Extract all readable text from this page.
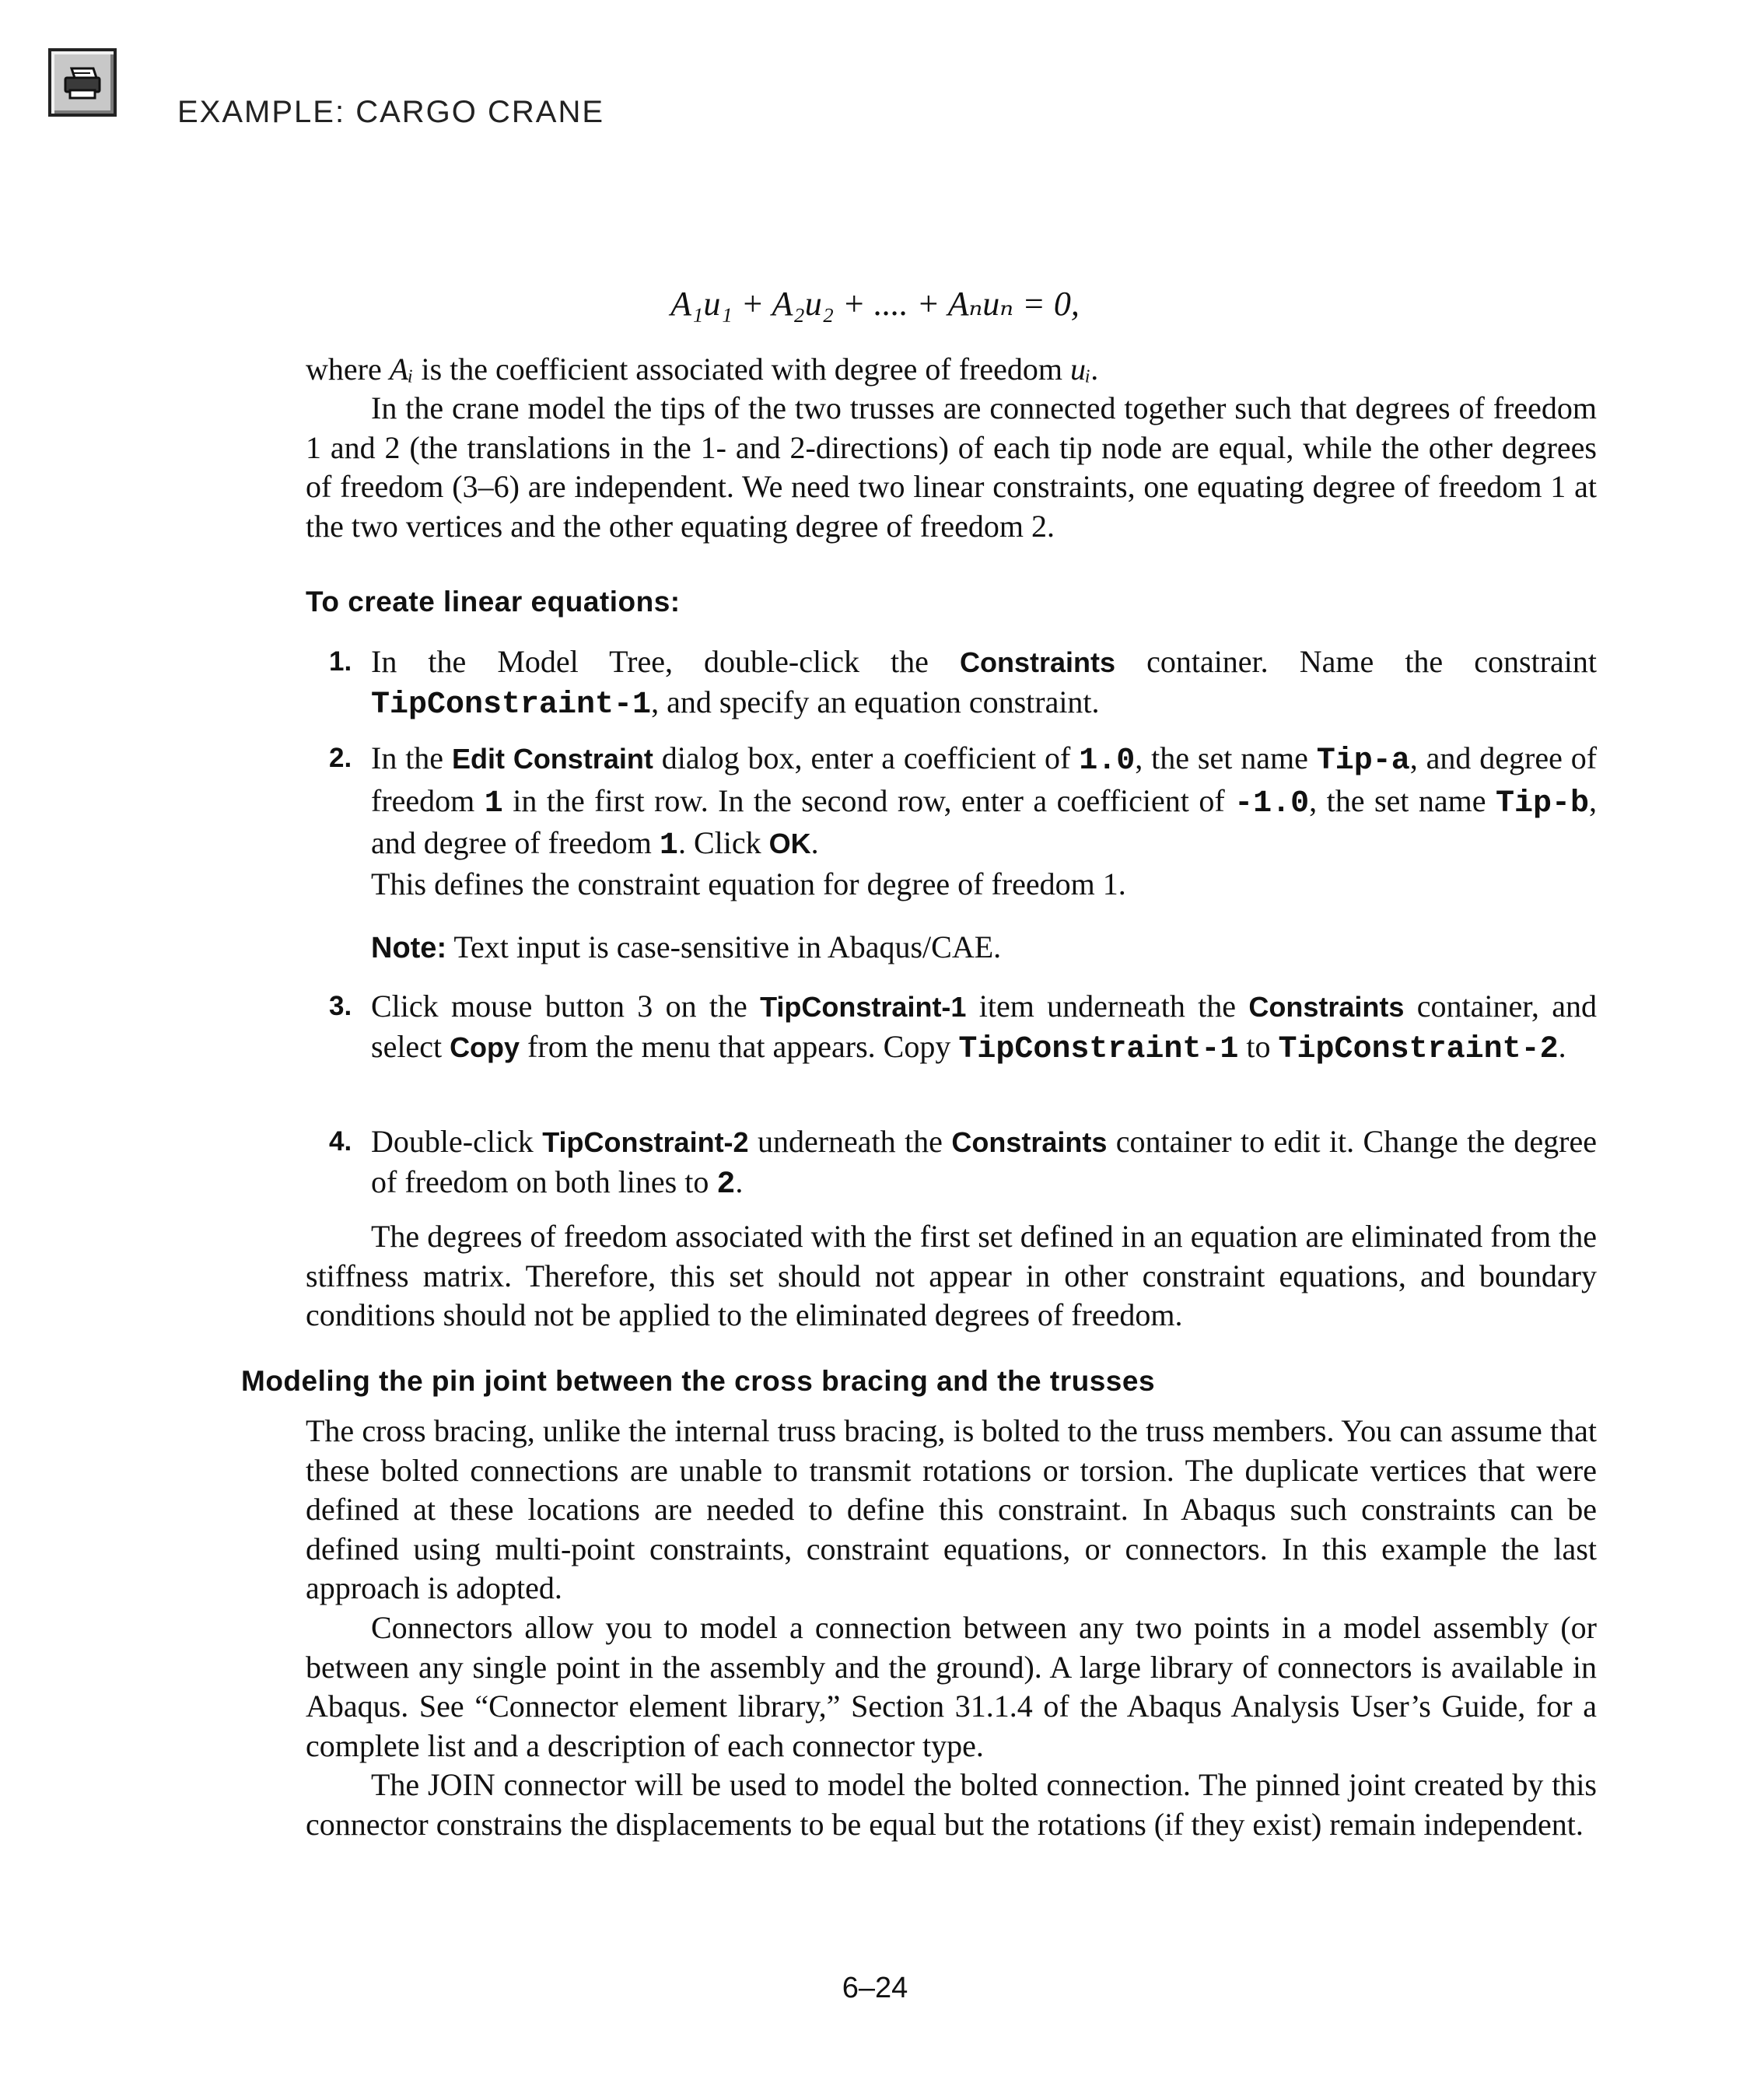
EXAMPLE: CARGO CRANE
A₁u₁ + A₂u₂ + .... + Aₙuₙ = 0,

where Aᵢ is the coefficient associated with degree of freedom uᵢ.

In the crane model the tips of the two trusses are connected together such that degrees of freedom 1 and 2 (the translations in the 1- and 2-directions) of each tip node are equal, while the other degrees of freedom (3–6) are independent. We need two linear constraints, one equating degree of freedom 1 at the two vertices and the other equating degree of freedom 2.

To create linear equations:

1. In the Model Tree, double-click the Constraints container. Name the constraint TipConstraint-1, and specify an equation constraint.
2. In the Edit Constraint dialog box, enter a coefficient of 1.0, the set name Tip-a, and degree of freedom 1 in the first row. In the second row, enter a coefficient of -1.0, the set name Tip-b, and degree of freedom 1. Click OK.

This defines the constraint equation for degree of freedom 1.

Note: Text input is case-sensitive in Abaqus/CAE.

3. Click mouse button 3 on the TipConstraint-1 item underneath the Constraints container, and select Copy from the menu that appears. Copy TipConstraint-1 to TipConstraint-2.
4. Double-click TipConstraint-2 underneath the Constraints container to edit it. Change the degree of freedom on both lines to 2.

The degrees of freedom associated with the first set defined in an equation are eliminated from the stiffness matrix. Therefore, this set should not appear in other constraint equations, and boundary conditions should not be applied to the eliminated degrees of freedom.

Modeling the pin joint between the cross bracing and the trusses

The cross bracing, unlike the internal truss bracing, is bolted to the truss members. You can assume that these bolted connections are unable to transmit rotations or torsion. The duplicate vertices that were defined at these locations are needed to define this constraint. In Abaqus such constraints can be defined using multi-point constraints, constraint equations, or connectors. In this example the last approach is adopted.

Connectors allow you to model a connection between any two points in a model assembly (or between any single point in the assembly and the ground). A large library of connectors is available in Abaqus. See “Connector element library,” Section 31.1.4 of the Abaqus Analysis User’s Guide, for a complete list and a description of each connector type.

The JOIN connector will be used to model the bolted connection. The pinned joint created by this connector constrains the displacements to be equal but the rotations (if they exist) remain independent.

6–24
